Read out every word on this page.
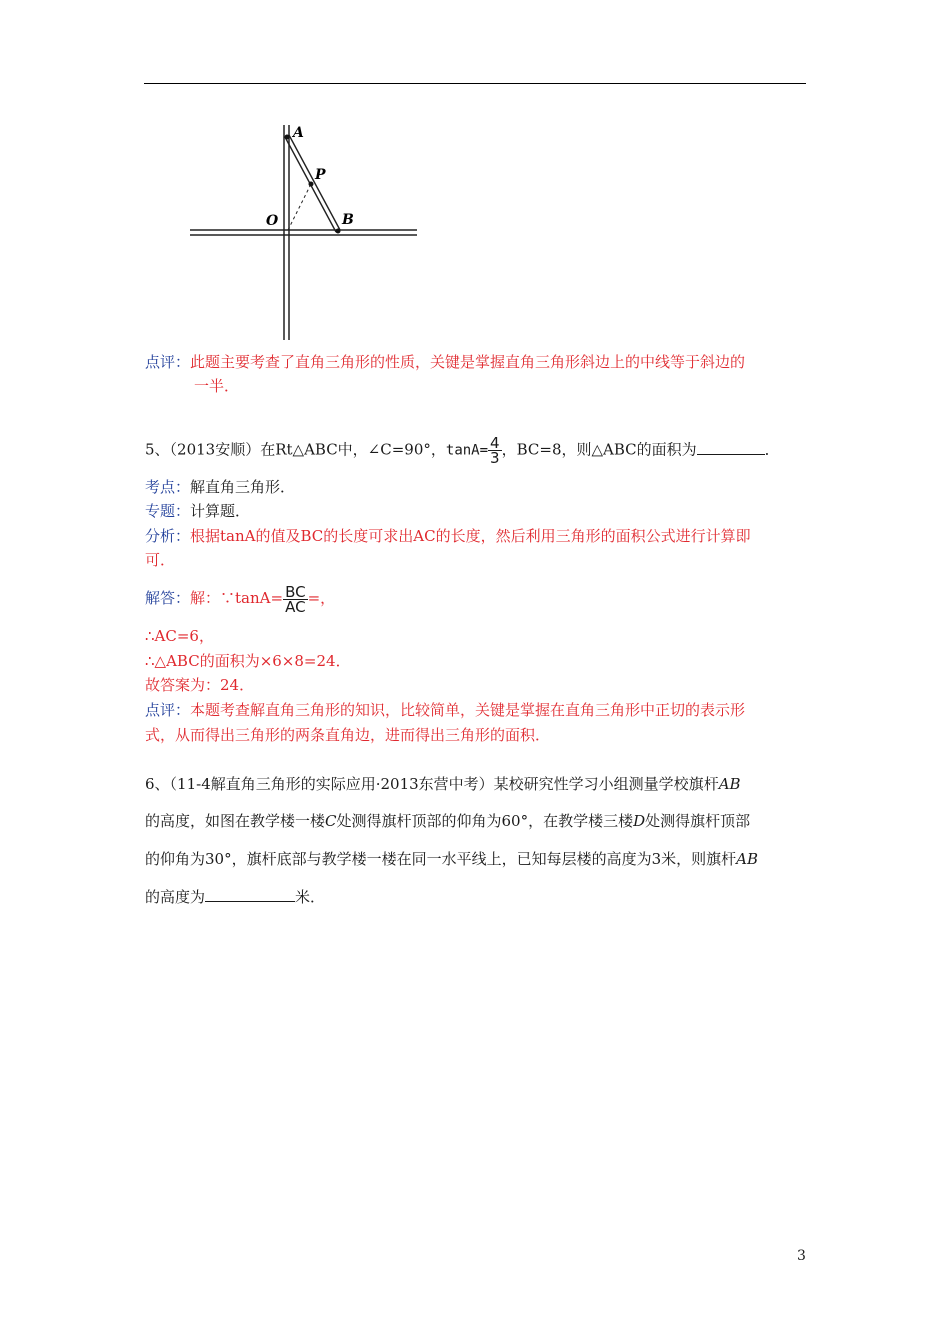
A
P
O	B
点评：此题主要考查了直角三角形的性质，关键是掌握直角三角形斜边上的中线等于斜边的
一半．
5、（2013安顺）在Rt△ABC中，∠C=90°，$\tan A= \frac{4}{3}$ ，BC=8，则△ABC的面积为	．
考点：解直角三角形．
专题：计算题．
分析：根据tanA的值及BC的长度可求出AC的长度，然后利用三角形的面积公式进行计算即
可．
解答：解：∵tanA= $\frac{BC}{AC}$ =，
∴AC=6，
∴△ABC的面积为×6×8=24．
故答案为：24．
点评：本题考查解直角三角形的知识，比较简单，关键是掌握在直角三角形中正切的表示形
式，从而得出三角形的两条直角边，进而得出三角形的面积．
6、（11-4解直角三角形的实际应用·2013东营中考）某校研究性学习小组测量学校旗杆AB
的高度，如图在教学楼一楼C处测得旗杆顶部的仰角为60°，在教学楼三楼D处测得旗杆顶部
的仰角为30°，旗杆底部与教学楼一楼在同一水平线上，已知每层楼的高度为3米，则旗杆AB
的高度为	米．
3
